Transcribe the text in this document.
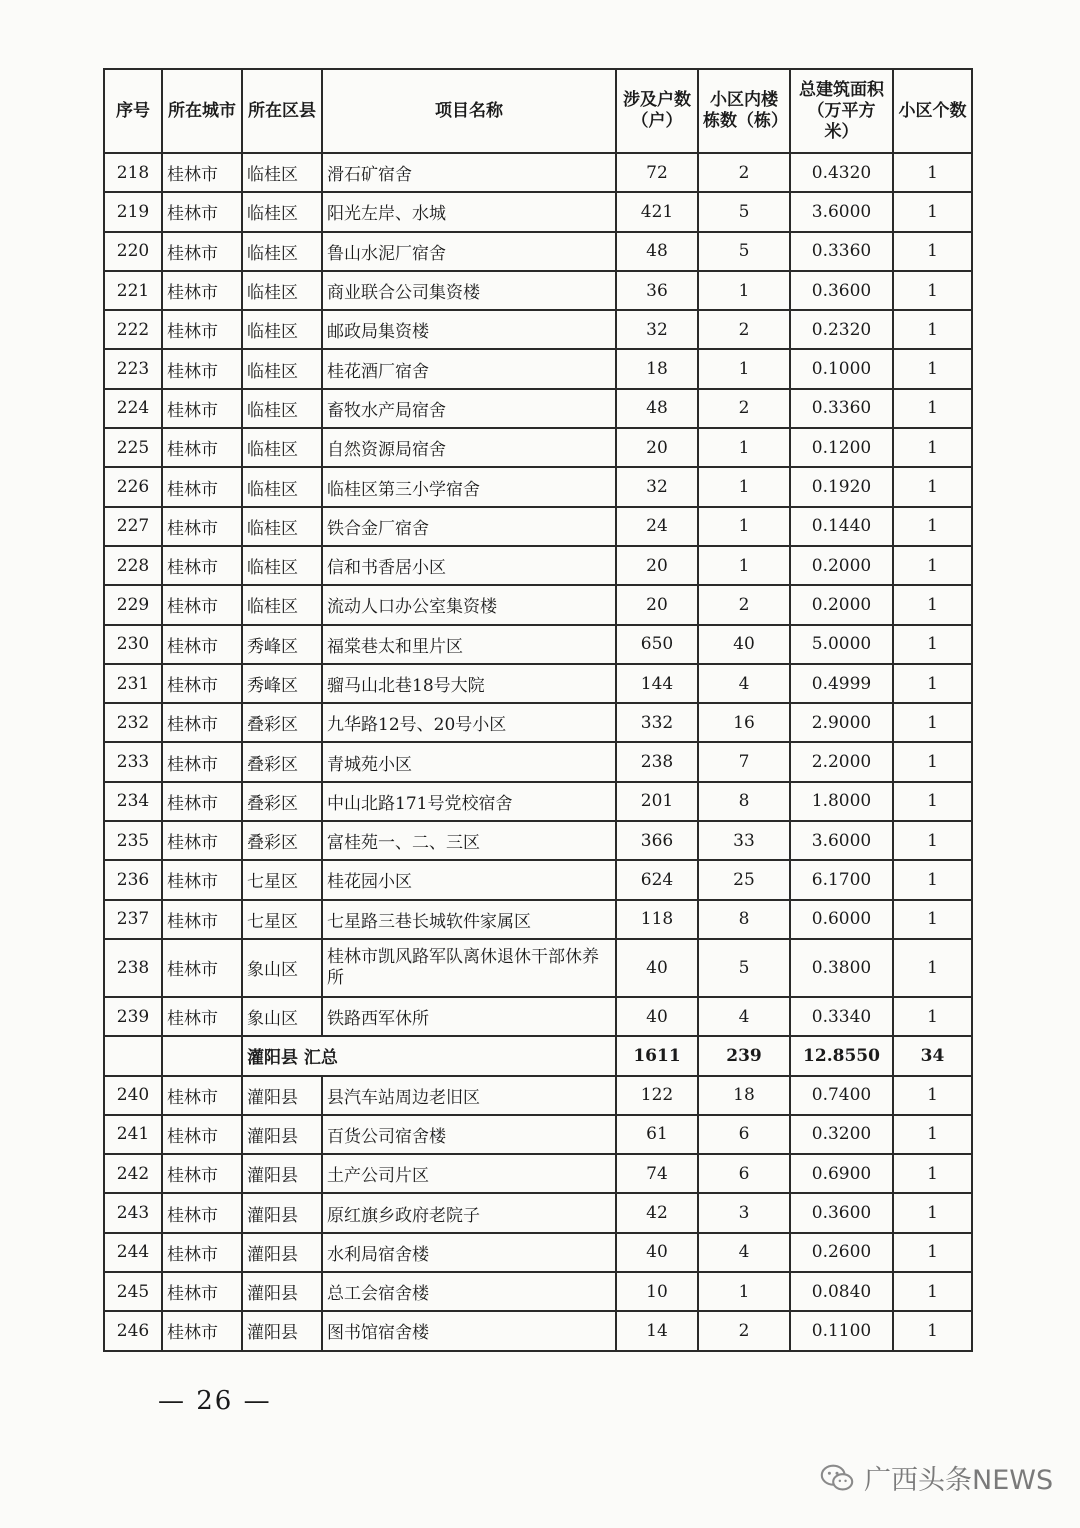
序号	所在城市	所在区县	项目名称	涉及户数（户）	小区内楼栋数（栋）	总建筑面积（万平方米）	小区个数
218	桂林市	临桂区	滑石矿宿舍	72	2	0.4320	1
219	桂林市	临桂区	阳光左岸、水城	421	5	3.6000	1
220	桂林市	临桂区	鲁山水泥厂宿舍	48	5	0.3360	1
221	桂林市	临桂区	商业联合公司集资楼	36	1	0.3600	1
222	桂林市	临桂区	邮政局集资楼	32	2	0.2320	1
223	桂林市	临桂区	桂花酒厂宿舍	18	1	0.1000	1
224	桂林市	临桂区	畜牧水产局宿舍	48	2	0.3360	1
225	桂林市	临桂区	自然资源局宿舍	20	1	0.1200	1
226	桂林市	临桂区	临桂区第三小学宿舍	32	1	0.1920	1
227	桂林市	临桂区	铁合金厂宿舍	24	1	0.1440	1
228	桂林市	临桂区	信和书香居小区	20	1	0.2000	1
229	桂林市	临桂区	流动人口办公室集资楼	20	2	0.2000	1
230	桂林市	秀峰区	福棠巷太和里片区	650	40	5.0000	1
231	桂林市	秀峰区	骝马山北巷18号大院	144	4	0.4999	1
232	桂林市	叠彩区	九华路12号、20号小区	332	16	2.9000	1
233	桂林市	叠彩区	青城苑小区	238	7	2.2000	1
234	桂林市	叠彩区	中山北路171号党校宿舍	201	8	1.8000	1
235	桂林市	叠彩区	富桂苑一、二、三区	366	33	3.6000	1
236	桂林市	七星区	桂花园小区	624	25	6.1700	1
237	桂林市	七星区	七星路三巷长城软件家属区	118	8	0.6000	1
238	桂林市	象山区	桂林市凯风路军队离休退休干部休养所	40	5	0.3800	1
239	桂林市	象山区	铁路西军休所	40	4	0.3340	1
		灌阳县 汇总		1611	239	12.8550	34
240	桂林市	灌阳县	县汽车站周边老旧区	122	18	0.7400	1
241	桂林市	灌阳县	百货公司宿舍楼	61	6	0.3200	1
242	桂林市	灌阳县	土产公司片区	74	6	0.6900	1
243	桂林市	灌阳县	原红旗乡政府老院子	42	3	0.3600	1
244	桂林市	灌阳县	水利局宿舍楼	40	4	0.2600	1
245	桂林市	灌阳县	总工会宿舍楼	10	1	0.0840	1
246	桂林市	灌阳县	图书馆宿舍楼	14	2	0.1100	1
— 26 —
广西头条NEWS
